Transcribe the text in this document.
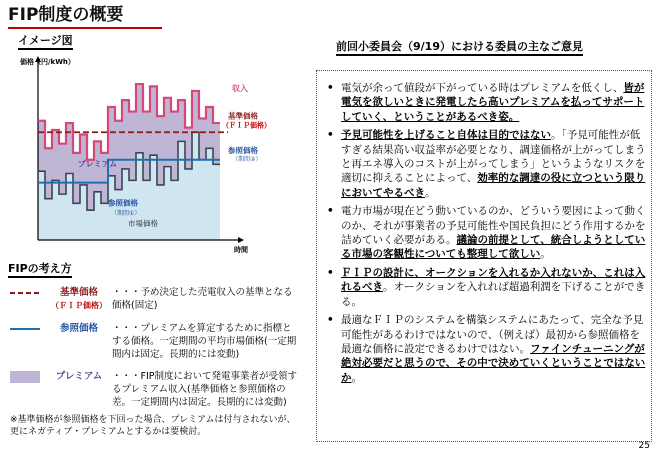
FIP制度の概要
イメージ図
価格（円/kWh）
時間
収入
基準価格
（ＦＩＰ価格）
参照価格
（期間②）
プレミアム
参照価格
（期間①）
市場価格
FIPの考え方
基準価格
（ＦＩＰ価格）
・・・予め決定した売電収入の基準となる価格(固定)
参照価格	・・・プレミアムを算定するために指標とする価格。一定期間の平均市場価格(一定期間内は固定。長期的には変動)
プレミアム	・・・FIP制度において発電事業者が受領するプレミアム収入(基準価格と参照価格の差。一定期間内は固定。長期的には変動)
※基準価格が参照価格を下回った場合、プレミアムは付与されないが、更にネガティブ・プレミアムとするかは要検討。
前回小委員会（9/19）における委員の主なご意見
• 電気が余って値段が下がっている時はプレミアムを低くし、皆が電気を欲しいときに発電したら高いプレミアムを払ってサポートしていく、ということがあるべき姿。
• 予見可能性を上げること自体は目的ではない。「予見可能性が低すぎる結果高い収益率が必要となり、調達価格が上がってしまうと再エネ導入のコストが上がってしまう」というようなリスクを適切に抑えることによって、効率的な調達の役に立つという限りにおいてやるべき。
• 電力市場が現在どう動いているのか、どういう要因によって動くのか、それが事業者の予見可能性や国民負担にどう作用するかを詰めていく必要がある。議論の前提として、統合しようとしている市場の客観性についても整理して欲しい。
• ＦＩＰの設計に、オークションを入れるか入れないか、これは入れるべき。オークションを入れれば超過利潤を下げることができる。
• 最適なＦＩＰのシステムを構築システムにあたって、完全な予見可能性があるわけではないので、（例えば）最初から参照価格を最適な価格に設定できるわけではない。ファインチューニングが絶対必要だと思うので、その中で決めていくということではないか。
25
